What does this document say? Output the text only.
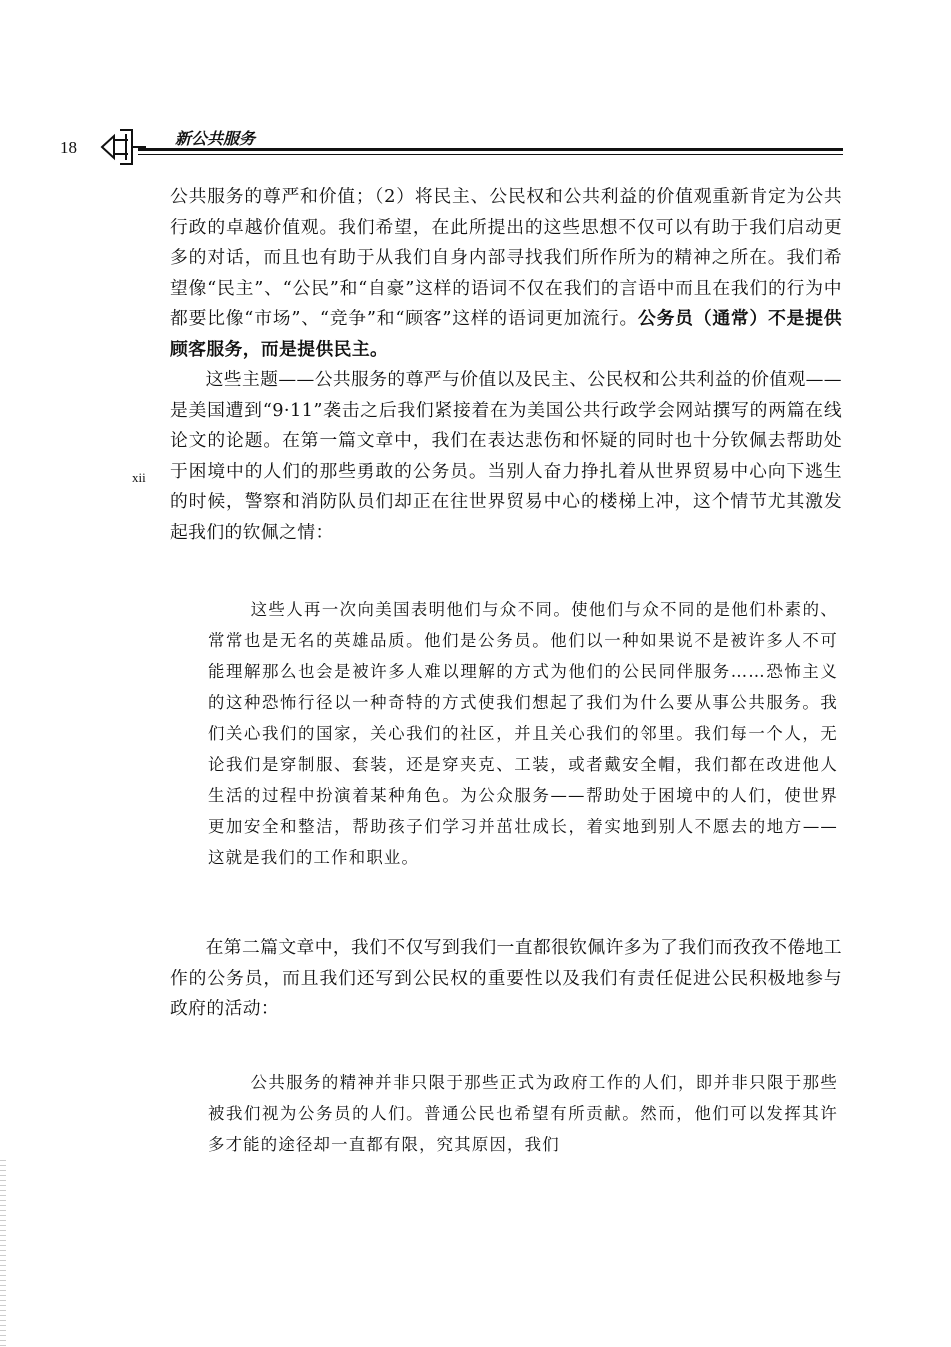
18	新公共服务
xii

公共服务的尊严和价值；（2）将民主、公民权和公共利益的价值观重新肯定为公共行政的卓越价值观。我们希望，在此所提出的这些思想不仅可以有助于我们启动更多的对话，而且也有助于从我们自身内部寻找我们所作所为的精神之所在。我们希望像“民主”、“公民”和“自豪”这样的语词不仅在我们的言语中而且在我们的行为中都要比像“市场”、“竞争”和“顾客”这样的语词更加流行。公务员（通常）不是提供顾客服务，而是提供民主。

这些主题——公共服务的尊严与价值以及民主、公民权和公共利益的价值观——是美国遭到“9·11”袭击之后我们紧接着在为美国公共行政学会网站撰写的两篇在线论文的论题。在第一篇文章中，我们在表达悲伤和怀疑的同时也十分钦佩去帮助处于困境中的人们的那些勇敢的公务员。当别人奋力挣扎着从世界贸易中心向下逃生的时候，警察和消防队员们却正在往世界贸易中心的楼梯上冲，这个情节尤其激发起我们的钦佩之情：

这些人再一次向美国表明他们与众不同。使他们与众不同的是他们朴素的、常常也是无名的英雄品质。他们是公务员。他们以一种如果说不是被许多人不可能理解那么也会是被许多人难以理解的方式为他们的公民同伴服务……恐怖主义的这种恐怖行径以一种奇特的方式使我们想起了我们为什么要从事公共服务。我们关心我们的国家，关心我们的社区，并且关心我们的邻里。我们每一个人，无论我们是穿制服、套装，还是穿夹克、工装，或者戴安全帽，我们都在改进他人生活的过程中扮演着某种角色。为公众服务——帮助处于困境中的人们，使世界更加安全和整洁，帮助孩子们学习并茁壮成长，着实地到别人不愿去的地方——这就是我们的工作和职业。

在第二篇文章中，我们不仅写到我们一直都很钦佩许多为了我们而孜孜不倦地工作的公务员，而且我们还写到公民权的重要性以及我们有责任促进公民积极地参与政府的活动：

公共服务的精神并非只限于那些正式为政府工作的人们，即并非只限于那些被我们视为公务员的人们。普通公民也希望有所贡献。然而，他们可以发挥其许多才能的途径却一直都有限，究其原因，我们
